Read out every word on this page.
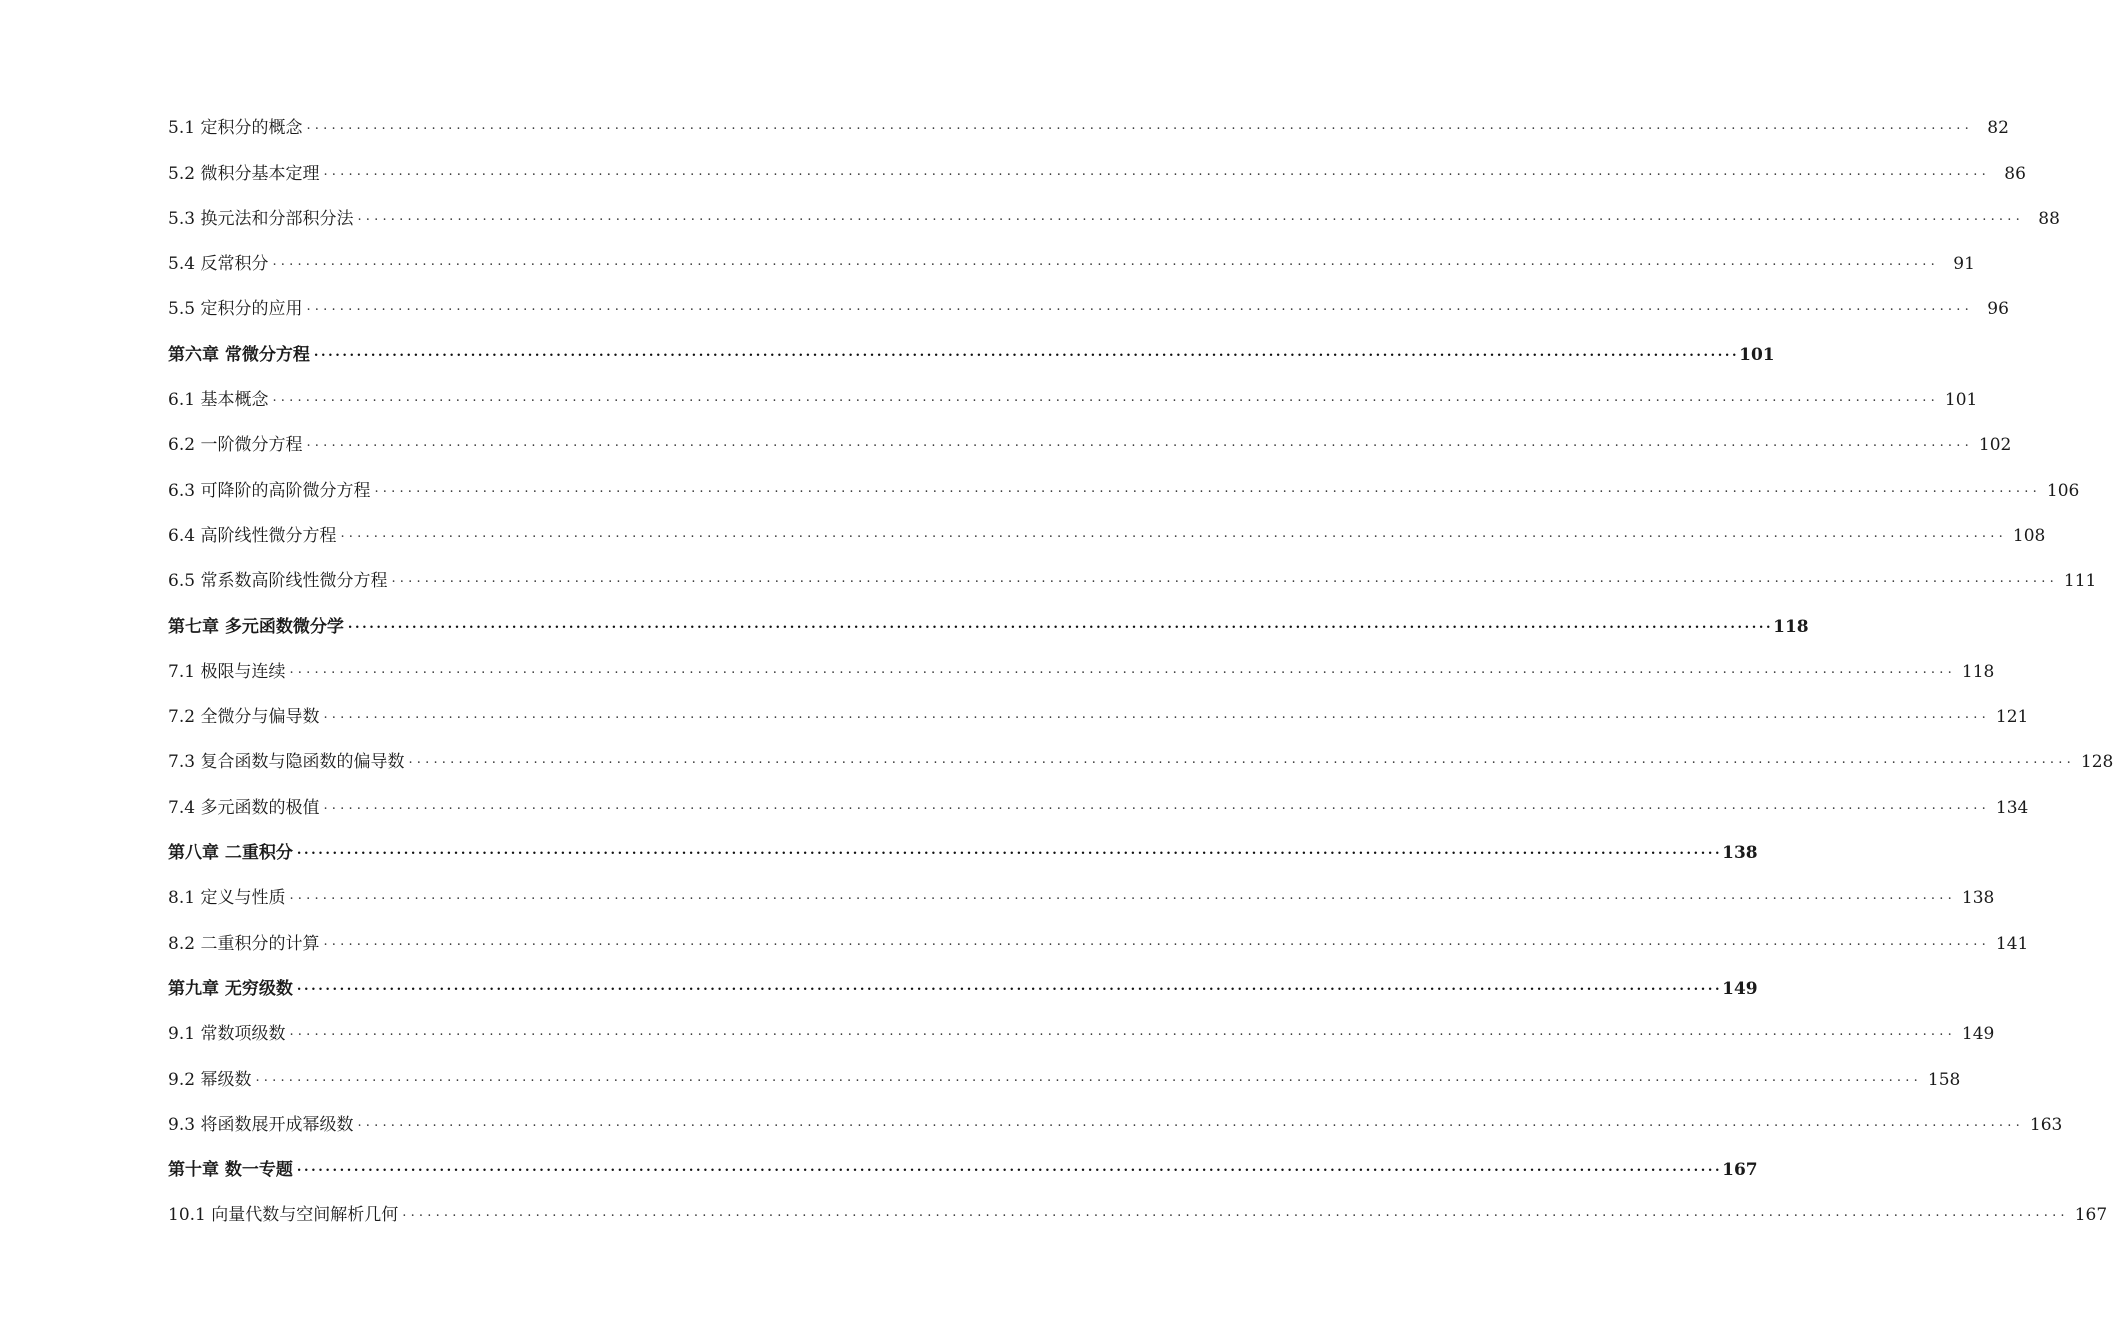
5.1 定积分的概念 ........................................................................................................................................................................................................ 82
5.2 微积分基本定理 ........................................................................................................................................................................................................ 86
5.3 换元法和分部积分法 ........................................................................................................................................................................................................ 88
5.4 反常积分 ........................................................................................................................................................................................................ 91
5.5 定积分的应用 ........................................................................................................................................................................................................ 96
第六章 常微分方程 ........................................................................................................................................................................................................ 101
6.1 基本概念 ........................................................................................................................................................................................................ 101
6.2 一阶微分方程 ........................................................................................................................................................................................................ 102
6.3 可降阶的高阶微分方程 ........................................................................................................................................................................................................ 106
6.4 高阶线性微分方程 ........................................................................................................................................................................................................ 108
6.5 常系数高阶线性微分方程 ........................................................................................................................................................................................................ 111
第七章 多元函数微分学 ........................................................................................................................................................................................................ 118
7.1 极限与连续 ........................................................................................................................................................................................................ 118
7.2 全微分与偏导数 ........................................................................................................................................................................................................ 121
7.3 复合函数与隐函数的偏导数 ........................................................................................................................................................................................................ 128
7.4 多元函数的极值 ........................................................................................................................................................................................................ 134
第八章 二重积分 ........................................................................................................................................................................................................ 138
8.1 定义与性质 ........................................................................................................................................................................................................ 138
8.2 二重积分的计算 ........................................................................................................................................................................................................ 141
第九章 无穷级数 ........................................................................................................................................................................................................ 149
9.1 常数项级数 ........................................................................................................................................................................................................ 149
9.2 幂级数 ........................................................................................................................................................................................................ 158
9.3 将函数展开成幂级数 ........................................................................................................................................................................................................ 163
第十章 数一专题 ........................................................................................................................................................................................................ 167
10.1 向量代数与空间解析几何 ........................................................................................................................................................................................................ 167
